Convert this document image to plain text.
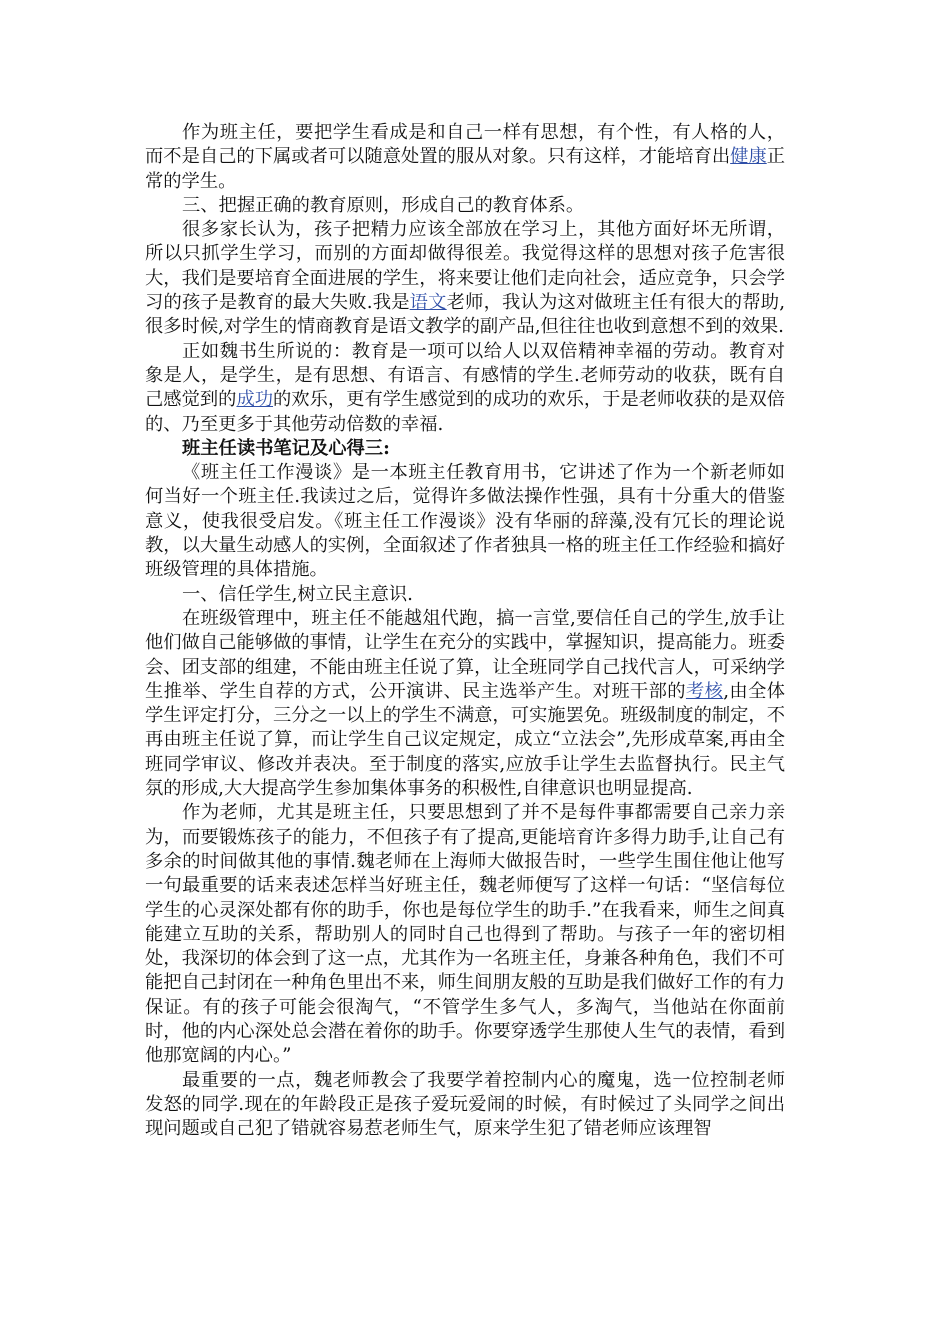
作为班主任，要把学生看成是和自己一样有思想，有个性，有人格的人，而不是自己的下属或者可以随意处置的服从对象。只有这样，才能培育出健康正常的学生。

三、把握正确的教育原则，形成自己的教育体系。

很多家长认为，孩子把精力应该全部放在学习上，其他方面好坏无所谓，所以只抓学生学习，而别的方面却做得很差。我觉得这样的思想对孩子危害很大，我们是要培育全面进展的学生，将来要让他们走向社会，适应竞争，只会学习的孩子是教育的最大失败.我是语文老师，我认为这对做班主任有很大的帮助,很多时候,对学生的情商教育是语文教学的副产品,但往往也收到意想不到的效果.

正如魏书生所说的：教育是一项可以给人以双倍精神幸福的劳动。教育对象是人，是学生，是有思想、有语言、有感情的学生.老师劳动的收获，既有自己感觉到的成功的欢乐，更有学生感觉到的成功的欢乐，于是老师收获的是双倍的、乃至更多于其他劳动倍数的幸福.

班主任读书笔记及心得三:

《班主任工作漫谈》是一本班主任教育用书，它讲述了作为一个新老师如何当好一个班主任.我读过之后，觉得许多做法操作性强，具有十分重大的借鉴意义，使我很受启发。《班主任工作漫谈》没有华丽的辞藻,没有冗长的理论说教，以大量生动感人的实例，全面叙述了作者独具一格的班主任工作经验和搞好班级管理的具体措施。

一、信任学生,树立民主意识.

在班级管理中，班主任不能越俎代跑，搞一言堂,要信任自己的学生,放手让他们做自己能够做的事情，让学生在充分的实践中，掌握知识，提高能力。班委会、团支部的组建，不能由班主任说了算，让全班同学自己找代言人，可采纳学生推举、学生自荐的方式，公开演讲、民主选举产生。对班干部的考核,由全体学生评定打分，三分之一以上的学生不满意，可实施罢免。班级制度的制定，不再由班主任说了算，而让学生自己议定规定，成立“立法会”,先形成草案,再由全班同学审议、修改并表决。至于制度的落实,应放手让学生去监督执行。民主气氛的形成,大大提高学生参加集体事务的积极性,自律意识也明显提高.

作为老师，尤其是班主任，只要思想到了并不是每件事都需要自己亲力亲为，而要锻炼孩子的能力，不但孩子有了提高,更能培育许多得力助手,让自己有多余的时间做其他的事情.魏老师在上海师大做报告时，一些学生围住他让他写一句最重要的话来表述怎样当好班主任，魏老师便写了这样一句话：“坚信每位学生的心灵深处都有你的助手，你也是每位学生的助手.”在我看来，师生之间真能建立互助的关系，帮助别人的同时自己也得到了帮助。与孩子一年的密切相处，我深切的体会到了这一点，尤其作为一名班主任，身兼各种角色，我们不可能把自己封闭在一种角色里出不来，师生间朋友般的互助是我们做好工作的有力保证。有的孩子可能会很淘气，“不管学生多气人，多淘气，当他站在你面前时，他的内心深处总会潜在着你的助手。你要穿透学生那使人生气的表情，看到他那宽阔的内心。”

最重要的一点，魏老师教会了我要学着控制内心的魔鬼，选一位控制老师发怒的同学.现在的年龄段正是孩子爱玩爱闹的时候，有时候过了头同学之间出现问题或自己犯了错就容易惹老师生气，原来学生犯了错老师应该理智
